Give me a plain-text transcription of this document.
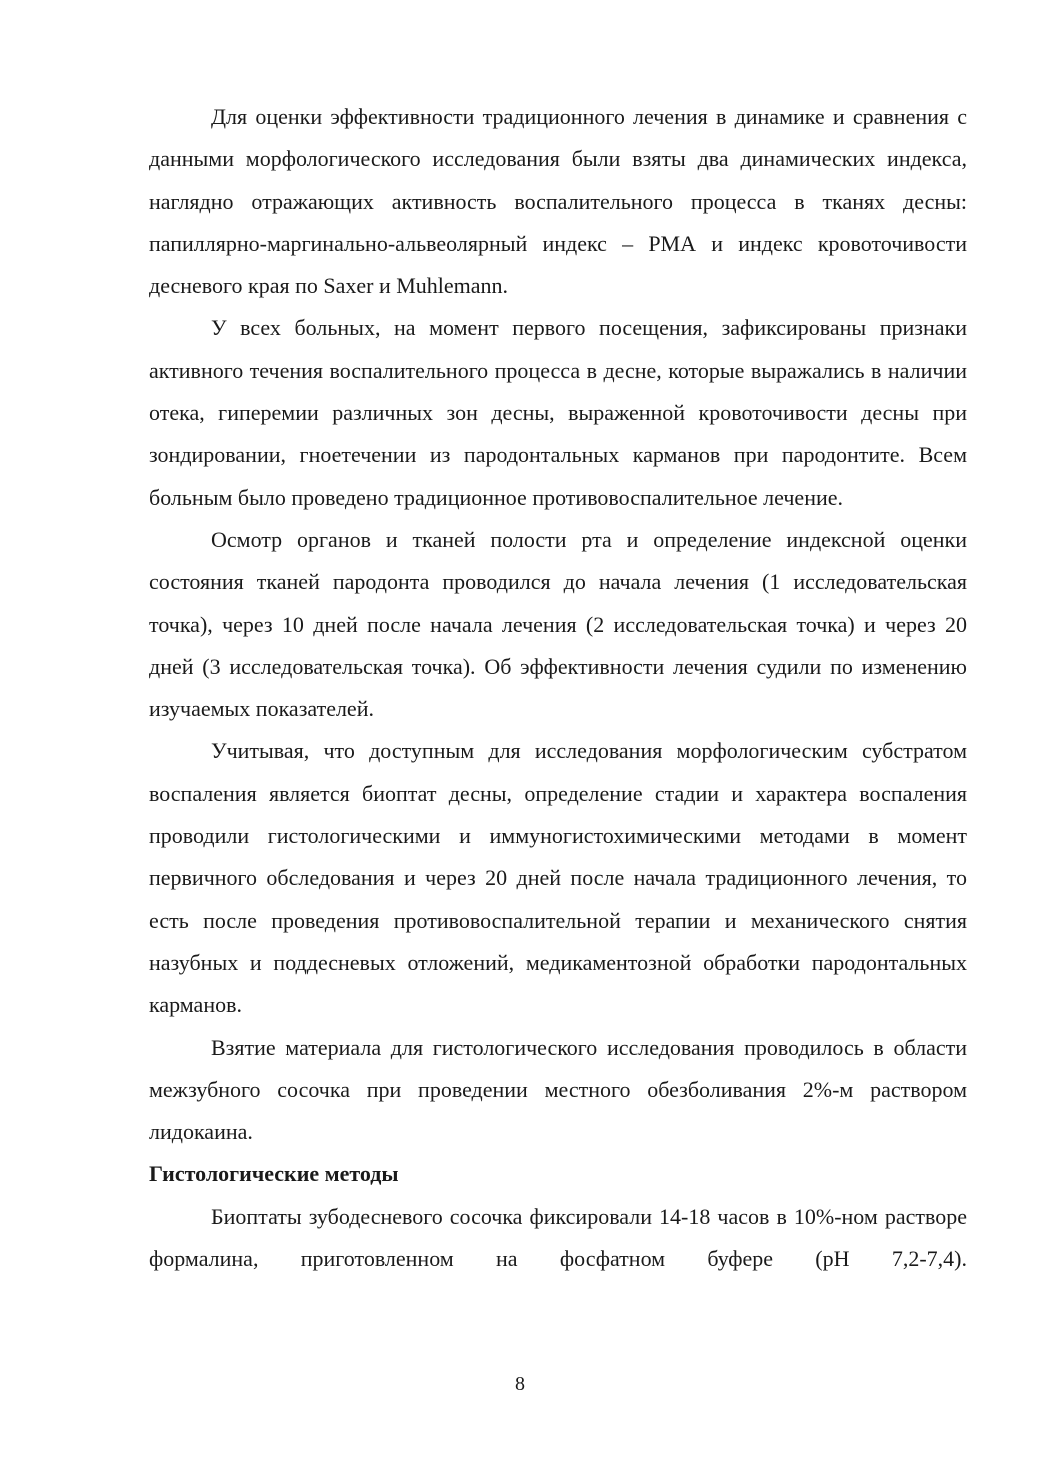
Для оценки эффективности традиционного лечения в динамике и сравнения с данными морфологического исследования были взяты два динамических индекса, наглядно отражающих активность воспалительного процесса в тканях десны: папиллярно-маргинально-альвеолярный индекс – РМА и индекс кровоточивости десневого края по Saxer и Muhlemann.

У всех больных, на момент первого посещения, зафиксированы признаки активного течения воспалительного процесса в десне, которые выражались в наличии отека, гиперемии различных зон десны, выраженной кровоточивости десны при зондировании, гноетечении из пародонтальных карманов при пародонтите. Всем больным было проведено традиционное противовоспалительное лечение.

Осмотр органов и тканей полости рта и определение индексной оценки состояния тканей пародонта проводился до начала лечения (1 исследовательская точка), через 10 дней после начала лечения (2 исследовательская точка) и через 20 дней (3 исследовательская точка). Об эффективности лечения судили по изменению изучаемых показателей.

Учитывая, что доступным для исследования морфологическим субстратом воспаления является биоптат десны, определение стадии и характера воспаления проводили гистологическими и иммуногистохимическими методами в момент первичного обследования и через 20 дней после начала традиционного лечения, то есть после проведения противовоспалительной терапии и механического снятия назубных и поддесневых отложений, медикаментозной обработки пародонтальных карманов.

Взятие материала для гистологического исследования проводилось в области межзубного сосочка при проведении местного обезболивания 2%-м раствором лидокаина.

Гистологические методы

Биоптаты зубодесневого сосочка фиксировали 14-18 часов в 10%-ном растворе формалина, приготовленном на фосфатном буфере (pH 7,2-7,4).

8
